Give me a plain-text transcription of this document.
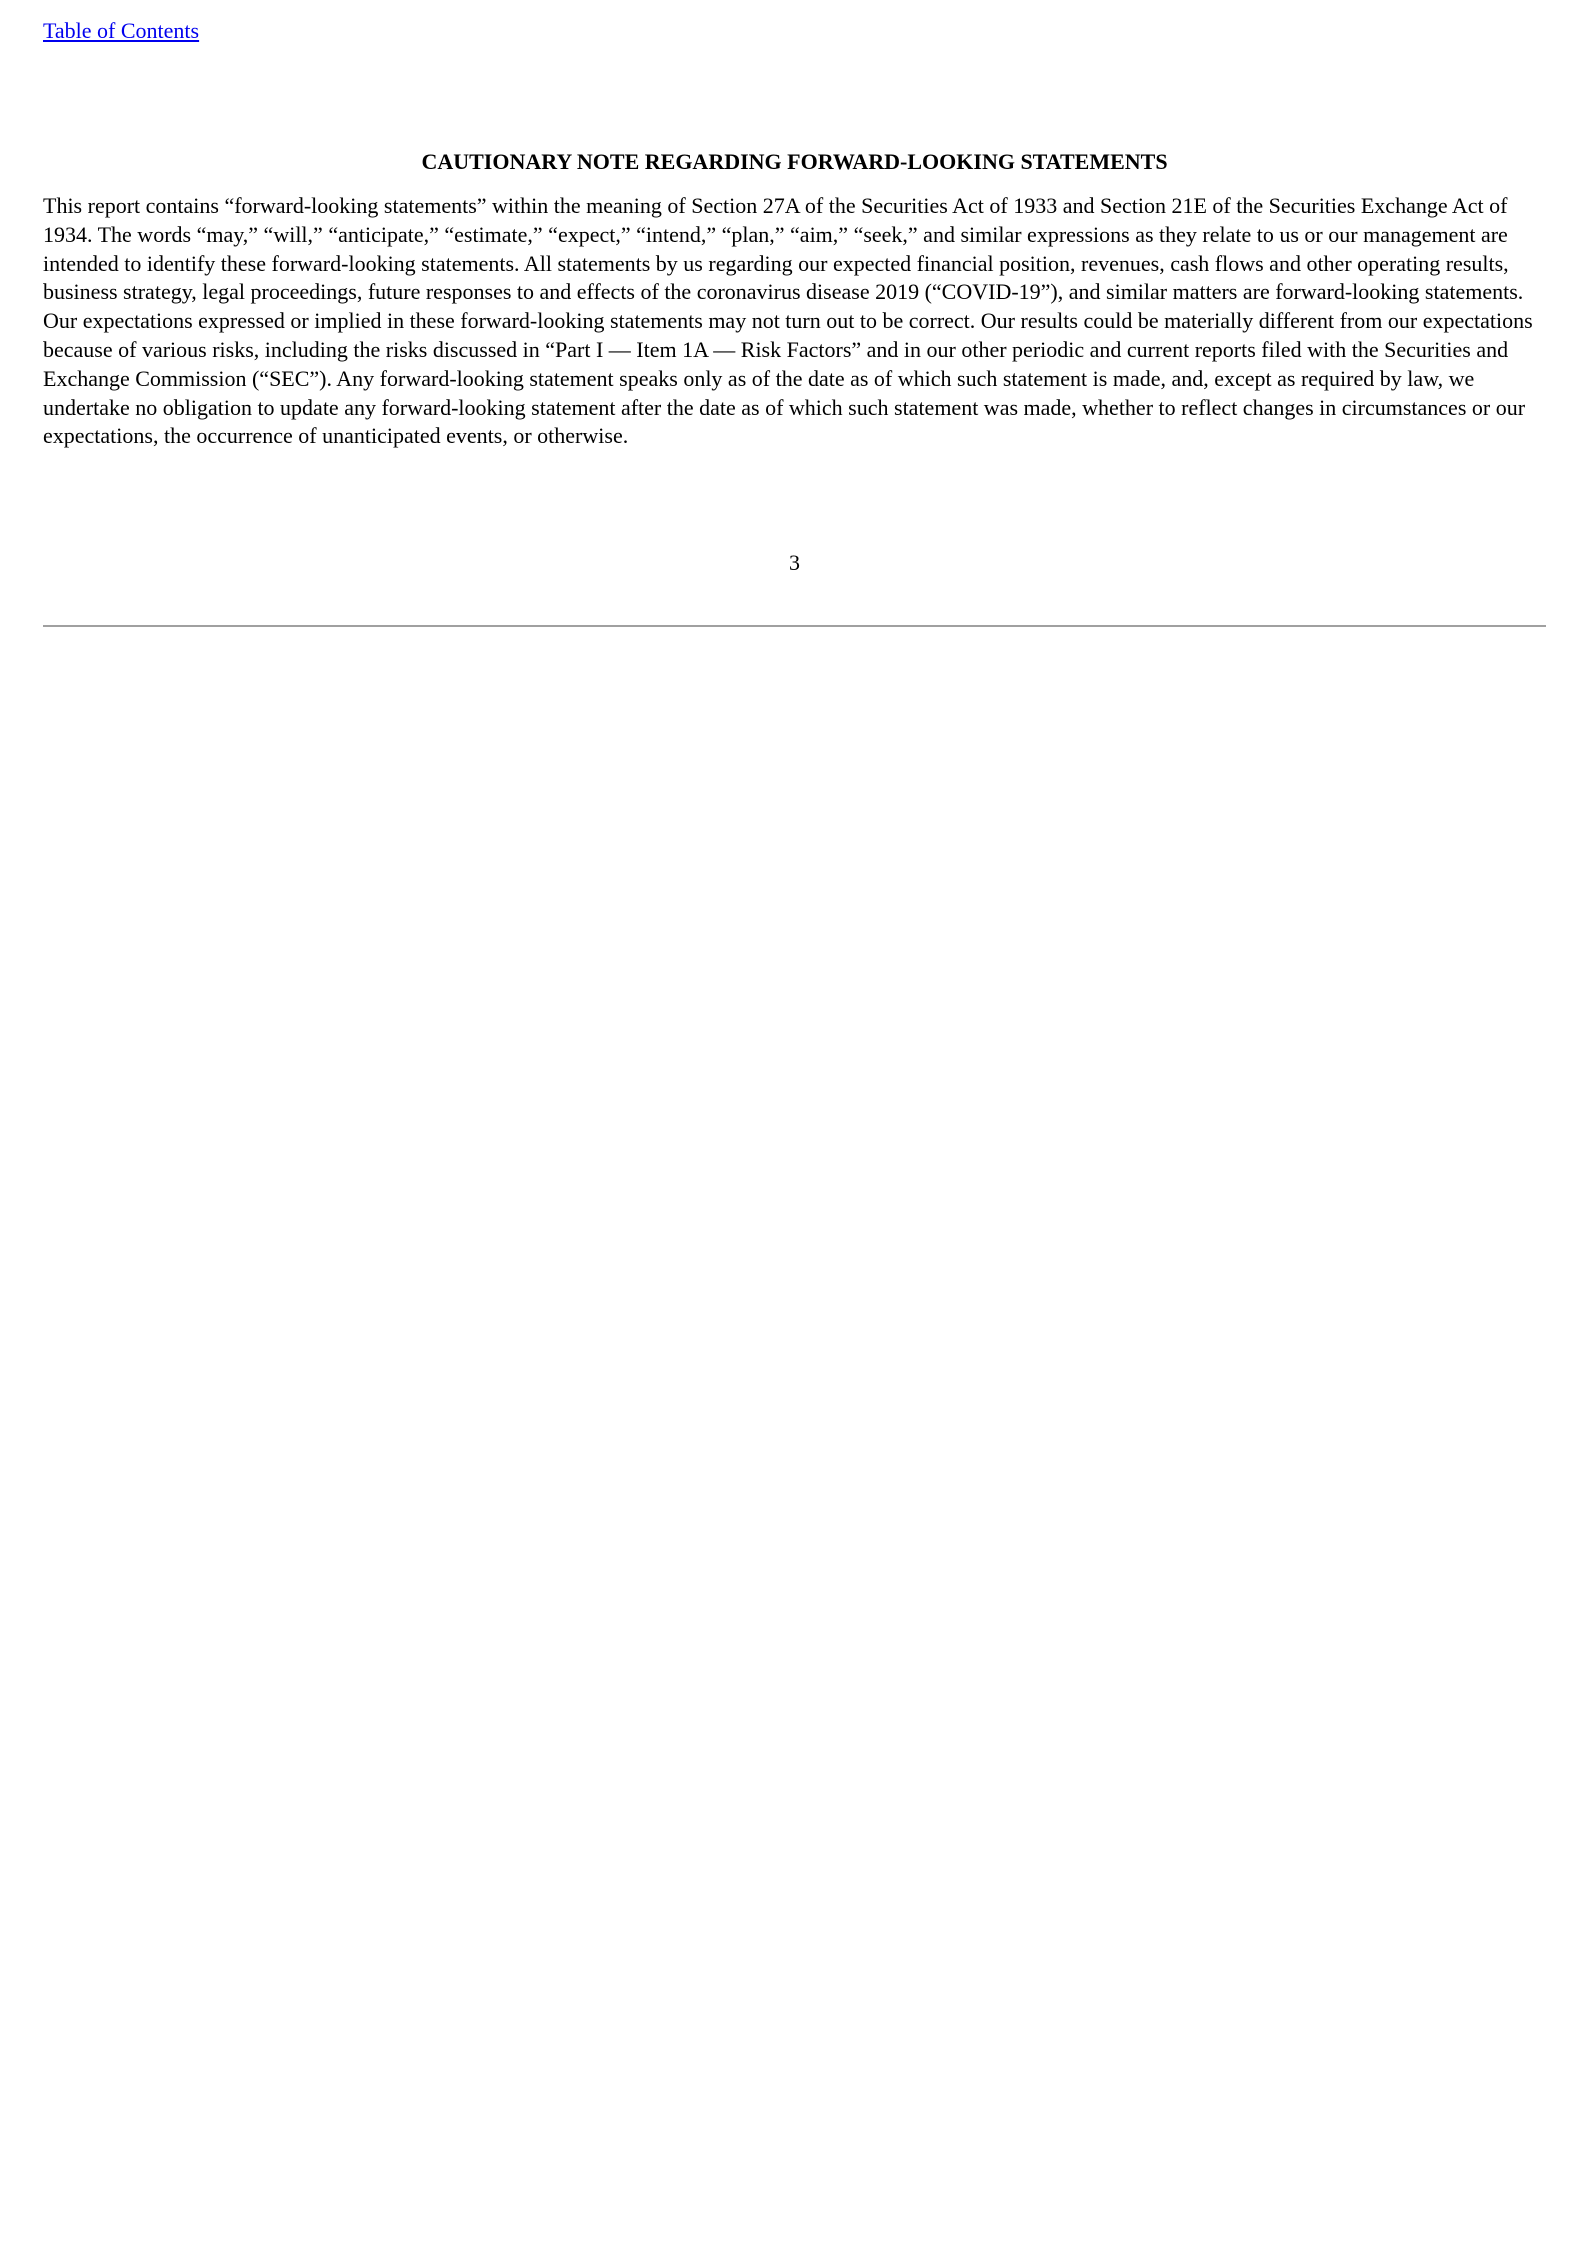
Table of Contents
CAUTIONARY NOTE REGARDING FORWARD-LOOKING STATEMENTS

This report contains “forward-looking statements” within the meaning of Section 27A of the Securities Act of 1933 and Section 21E of the Securities Exchange Act of 1934. The words “may,” “will,” “anticipate,” “estimate,” “expect,” “intend,” “plan,” “aim,” “seek,” and similar expressions as they relate to us or our management are intended to identify these forward-looking statements. All statements by us regarding our expected financial position, revenues, cash flows and other operating results, business strategy, legal proceedings, future responses to and effects of the coronavirus disease 2019 (“COVID-19”), and similar matters are forward-looking statements. Our expectations expressed or implied in these forward-looking statements may not turn out to be correct. Our results could be materially different from our expectations because of various risks, including the risks discussed in “Part I — Item 1A — Risk Factors” and in our other periodic and current reports filed with the Securities and Exchange Commission (“SEC”). Any forward-looking statement speaks only as of the date as of which such statement is made, and, except as required by law, we undertake no obligation to update any forward-looking statement after the date as of which such statement was made, whether to reflect changes in circumstances or our expectations, the occurrence of unanticipated events, or otherwise.

3
